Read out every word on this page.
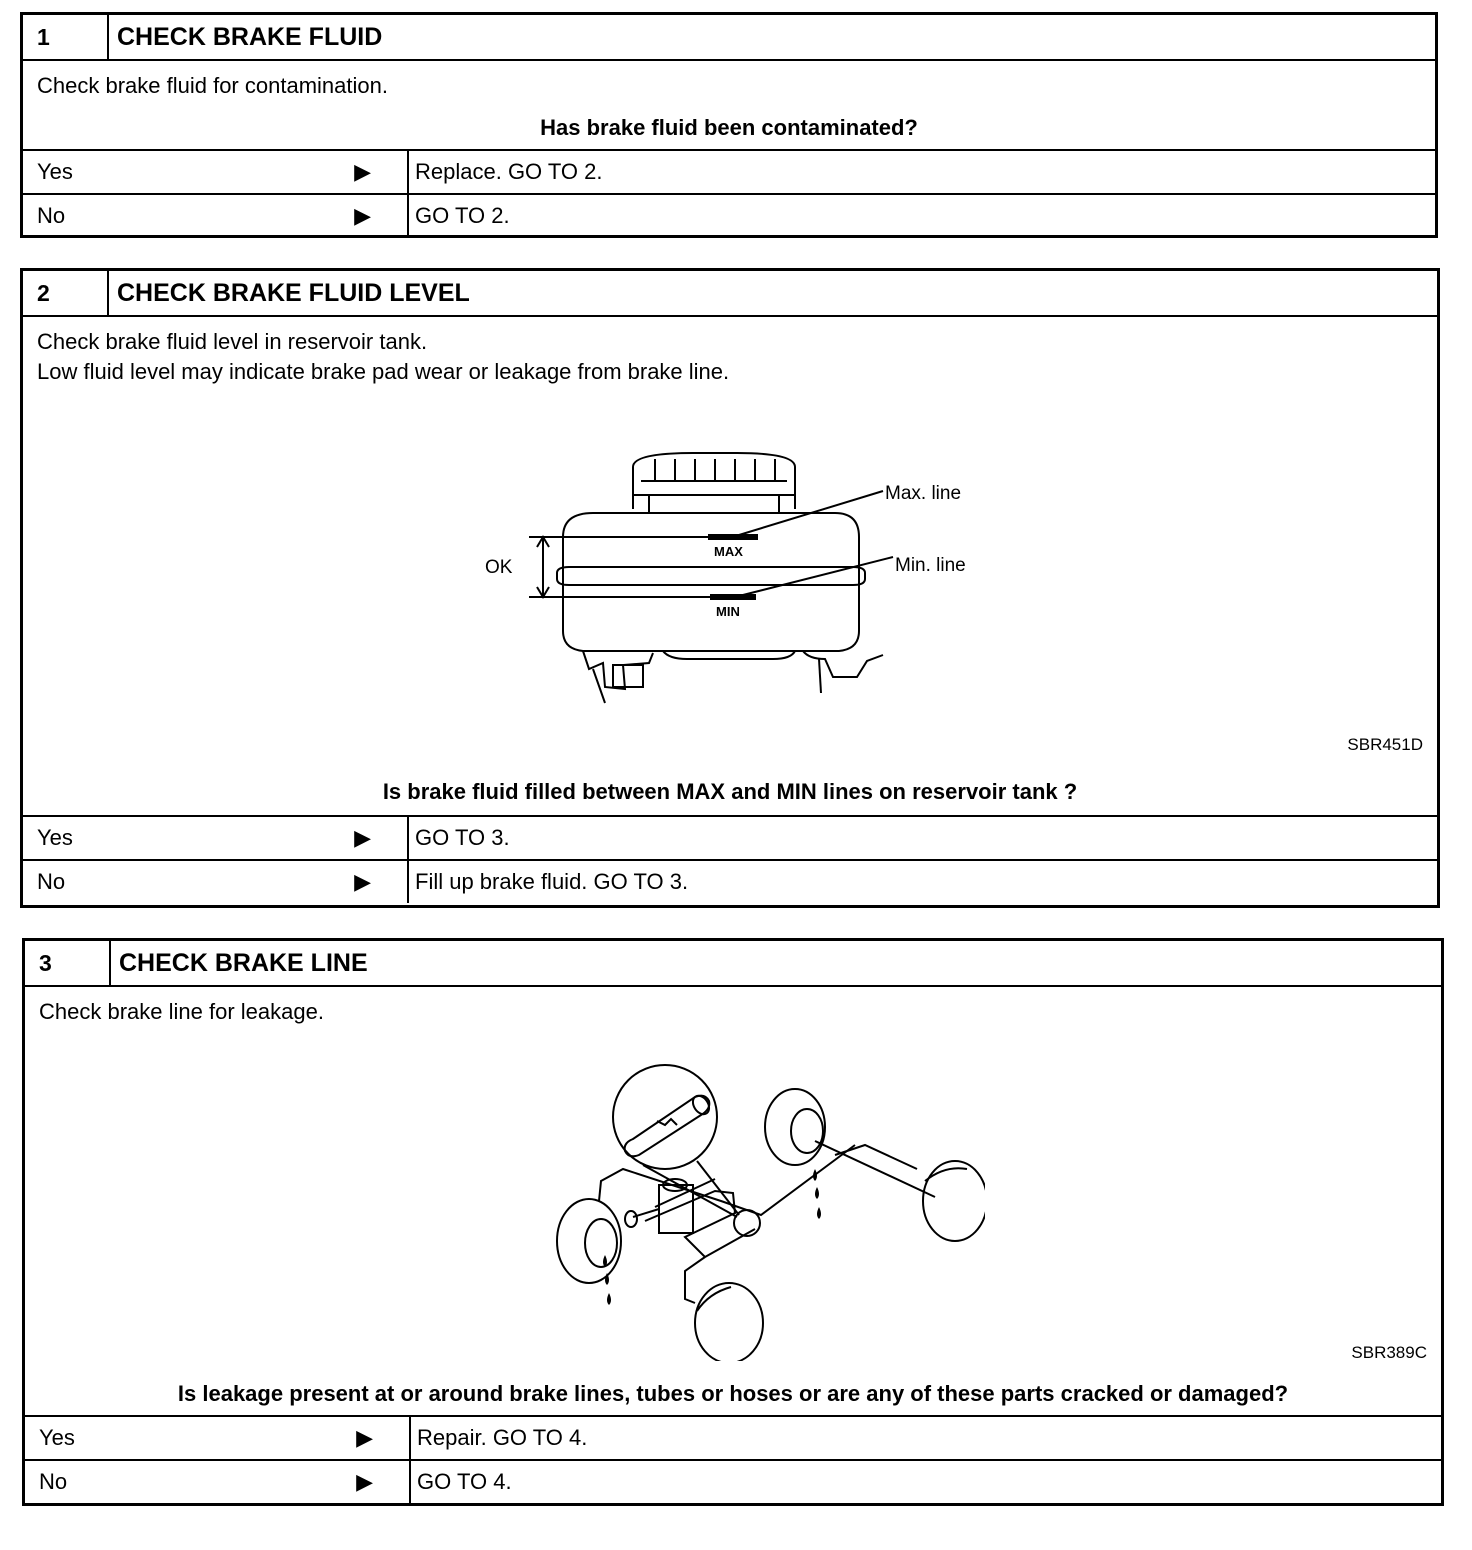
1	CHECK BRAKE FLUID
Check brake fluid for contamination.
Has brake fluid been contaminated?
Yes	▶ Replace. GO TO 2.
No	▶ GO TO 2.
2	CHECK BRAKE FLUID LEVEL
Check brake fluid level in reservoir tank.
Low fluid level may indicate brake pad wear or leakage from brake line.
Max. line
Min. line
MAX
MIN
OK
SBR451D
Is brake fluid filled between MAX and MIN lines on reservoir tank ?
Yes	▶ GO TO 3.
No	▶ Fill up brake fluid. GO TO 3.
3	CHECK BRAKE LINE
Check brake line for leakage.
SBR389C
Is leakage present at or around brake lines, tubes or hoses or are any of these parts cracked or damaged?
Yes	▶ Repair. GO TO 4.
No	▶ GO TO 4.
